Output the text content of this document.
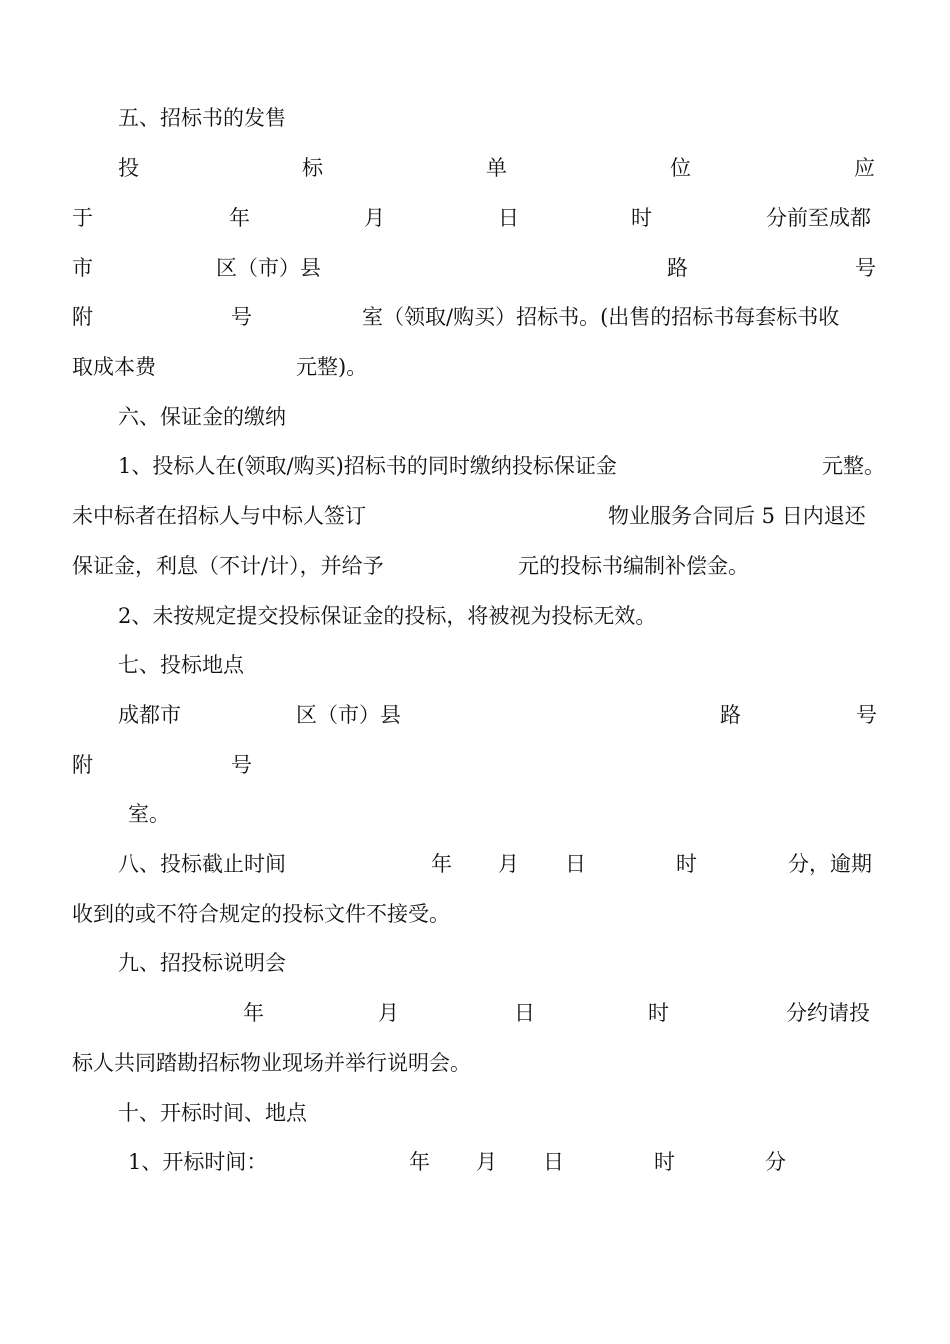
五、招标书的发售
投	标	单	位	应
于	年	月	日	时	分前至成都
市	区（市）县	路	号
附	号	室（领取/购买）招标书。(出售的招标书每套标书收
取成本费	元整)。
六、保证金的缴纳
1、投标人在(领取/购买)招标书的同时缴纳投标保证金	元整。
未中标者在招标人与中标人签订	物业服务合同后 5 日内退还
保证金，利息（不计/计），并给予	元的投标书编制补偿金。
2、未按规定提交投标保证金的投标，将被视为投标无效。
七、投标地点
成都市	区（市）县	路	号
附	号
室。
八、投标截止时间	年 月 日	时	分，逾期
收到的或不符合规定的投标文件不接受。
九、招投标说明会
年	月	日	时	分约请投
标人共同踏勘招标物业现场并举行说明会。
十、开标时间、地点
1、开标时间：	年 月 日	时	分
